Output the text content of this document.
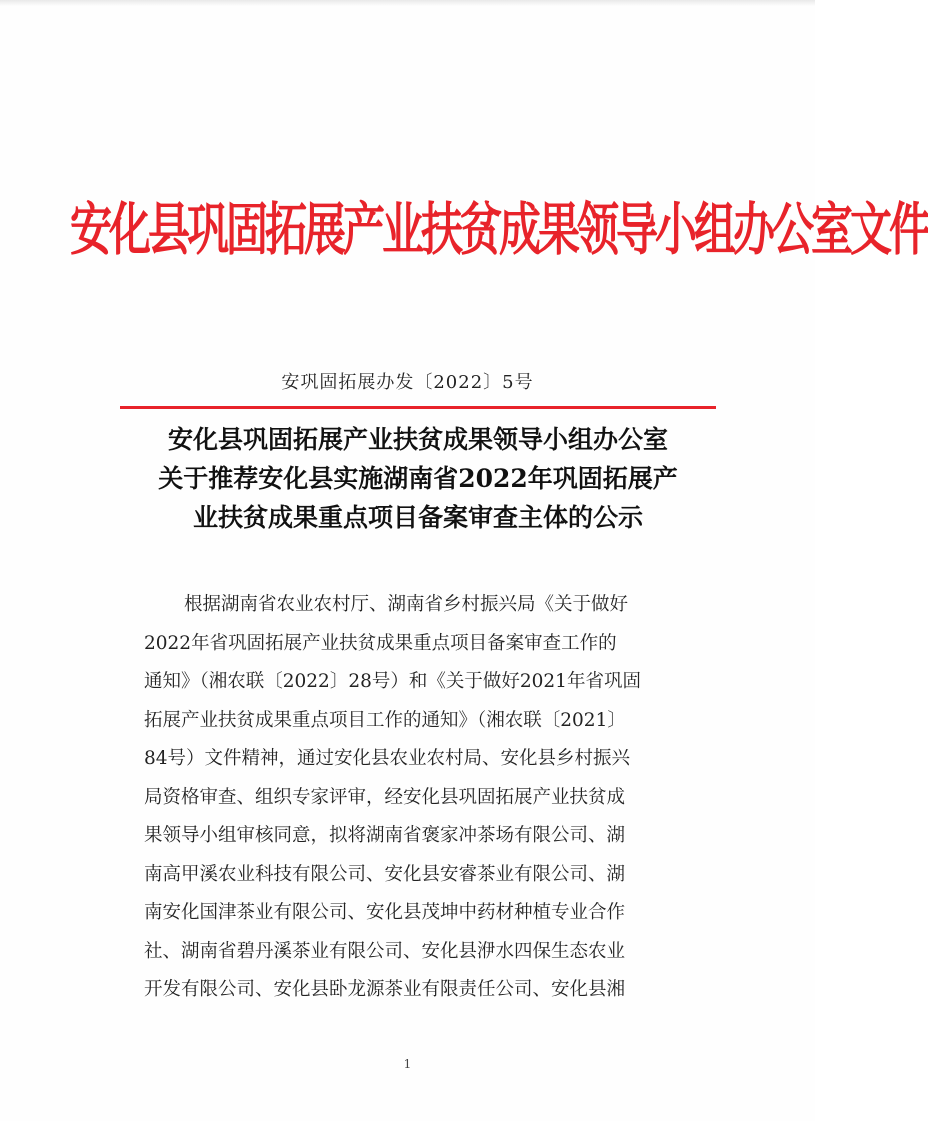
安化县巩固拓展产业扶贫成果领导小组办公室文件
安巩固拓展办发〔2022〕5号
安化县巩固拓展产业扶贫成果领导小组办公室
关于推荐安化县实施湖南省2022年巩固拓展产
业扶贫成果重点项目备案审查主体的公示
根据湖南省农业农村厅、湖南省乡村振兴局《关于做好
2022年省巩固拓展产业扶贫成果重点项目备案审查工作的
通知》（湘农联〔2022〕28号）和《关于做好2021年省巩固
拓展产业扶贫成果重点项目工作的通知》（湘农联〔2021〕
84号）文件精神，通过安化县农业农村局、安化县乡村振兴
局资格审查、组织专家评审，经安化县巩固拓展产业扶贫成
果领导小组审核同意，拟将湖南省褒家冲茶场有限公司、湖
南高甲溪农业科技有限公司、安化县安睿茶业有限公司、湖
南安化国津茶业有限公司、安化县茂坤中药材种植专业合作
社、湖南省碧丹溪茶业有限公司、安化县洢水四保生态农业
开发有限公司、安化县卧龙源茶业有限责任公司、安化县湘
1
